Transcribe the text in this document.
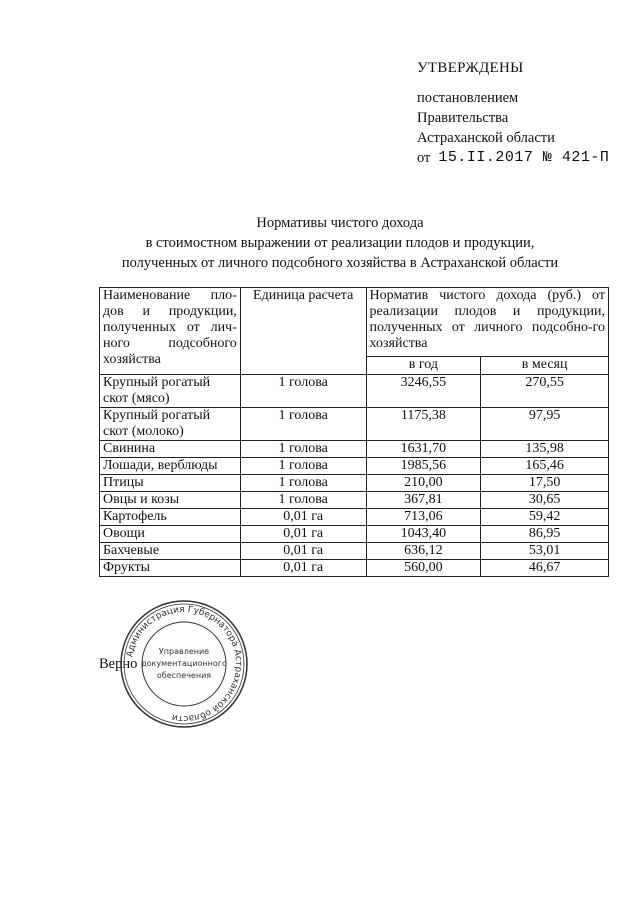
УТВЕРЖДЕНЫ
постановлением
Правительства
Астраханской области
от 15.II.2017 № 421-П
Нормативы чистого дохода
в стоимостном выражении от реализации плодов и продукции,
полученных от личного подсобного хозяйства в Астраханской области
Наименование пло-дов и продукции, полученных от лич-ного подсобного хозяйства	Единица расчета	Норматив чистого дохода (руб.) от реализации плодов и продукции, полученных от личного подсобно-го хозяйства	
		в год	в месяц
Крупный рогатый скот (мясо)	1 голова	3246,55	270,55
Крупный рогатый скот (молоко)	1 голова	1175,38	97,95
Свинина	1 голова	1631,70	135,98
Лошади, верблюды	1 голова	1985,56	165,46
Птицы	1 голова	210,00	17,50
Овцы и козы	1 голова	367,81	30,65
Картофель	0,01 га	713,06	59,42
Овощи	0,01 га	1043,40	86,95
Бахчевые	0,01 га	636,12	53,01
Фрукты	0,01 га	560,00	46,67
Верно
Администрация Губернатора Астраханской области
Управление
документационного
обеспечения
